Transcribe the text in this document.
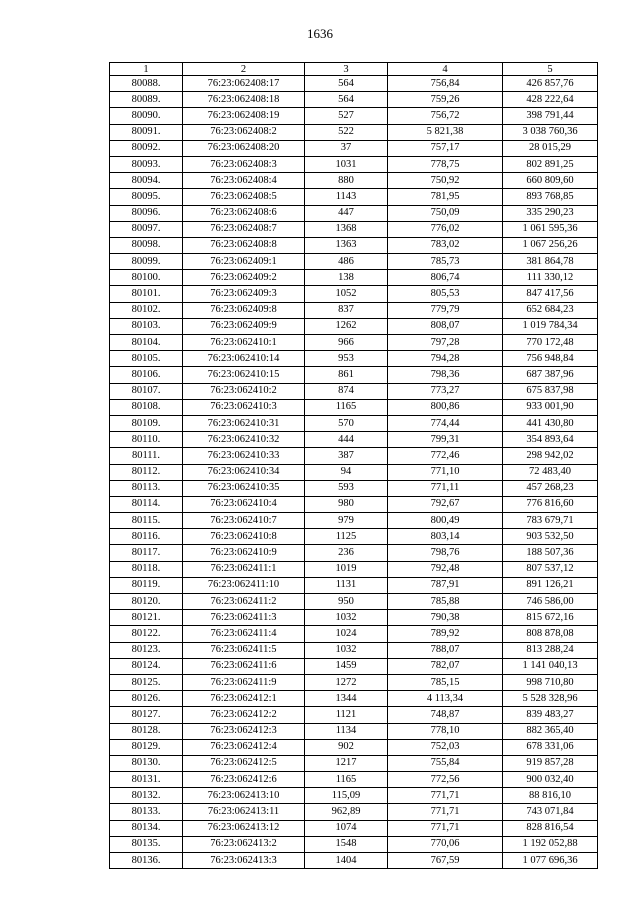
1636
1	2	3	4	5
80088.	76:23:062408:17	564	756,84	426 857,76
80089.	76:23:062408:18	564	759,26	428 222,64
80090.	76:23:062408:19	527	756,72	398 791,44
80091.	76:23:062408:2	522	5 821,38	3 038 760,36
80092.	76:23:062408:20	37	757,17	28 015,29
80093.	76:23:062408:3	1031	778,75	802 891,25
80094.	76:23:062408:4	880	750,92	660 809,60
80095.	76:23:062408:5	1143	781,95	893 768,85
80096.	76:23:062408:6	447	750,09	335 290,23
80097.	76:23:062408:7	1368	776,02	1 061 595,36
80098.	76:23:062408:8	1363	783,02	1 067 256,26
80099.	76:23:062409:1	486	785,73	381 864,78
80100.	76:23:062409:2	138	806,74	111 330,12
80101.	76:23:062409:3	1052	805,53	847 417,56
80102.	76:23:062409:8	837	779,79	652 684,23
80103.	76:23:062409:9	1262	808,07	1 019 784,34
80104.	76:23:062410:1	966	797,28	770 172,48
80105.	76:23:062410:14	953	794,28	756 948,84
80106.	76:23:062410:15	861	798,36	687 387,96
80107.	76:23:062410:2	874	773,27	675 837,98
80108.	76:23:062410:3	1165	800,86	933 001,90
80109.	76:23:062410:31	570	774,44	441 430,80
80110.	76:23:062410:32	444	799,31	354 893,64
80111.	76:23:062410:33	387	772,46	298 942,02
80112.	76:23:062410:34	94	771,10	72 483,40
80113.	76:23:062410:35	593	771,11	457 268,23
80114.	76:23:062410:4	980	792,67	776 816,60
80115.	76:23:062410:7	979	800,49	783 679,71
80116.	76:23:062410:8	1125	803,14	903 532,50
80117.	76:23:062410:9	236	798,76	188 507,36
80118.	76:23:062411:1	1019	792,48	807 537,12
80119.	76:23:062411:10	1131	787,91	891 126,21
80120.	76:23:062411:2	950	785,88	746 586,00
80121.	76:23:062411:3	1032	790,38	815 672,16
80122.	76:23:062411:4	1024	789,92	808 878,08
80123.	76:23:062411:5	1032	788,07	813 288,24
80124.	76:23:062411:6	1459	782,07	1 141 040,13
80125.	76:23:062411:9	1272	785,15	998 710,80
80126.	76:23:062412:1	1344	4 113,34	5 528 328,96
80127.	76:23:062412:2	1121	748,87	839 483,27
80128.	76:23:062412:3	1134	778,10	882 365,40
80129.	76:23:062412:4	902	752,03	678 331,06
80130.	76:23:062412:5	1217	755,84	919 857,28
80131.	76:23:062412:6	1165	772,56	900 032,40
80132.	76:23:062413:10	115,09	771,71	88 816,10
80133.	76:23:062413:11	962,89	771,71	743 071,84
80134.	76:23:062413:12	1074	771,71	828 816,54
80135.	76:23:062413:2	1548	770,06	1 192 052,88
80136.	76:23:062413:3	1404	767,59	1 077 696,36
